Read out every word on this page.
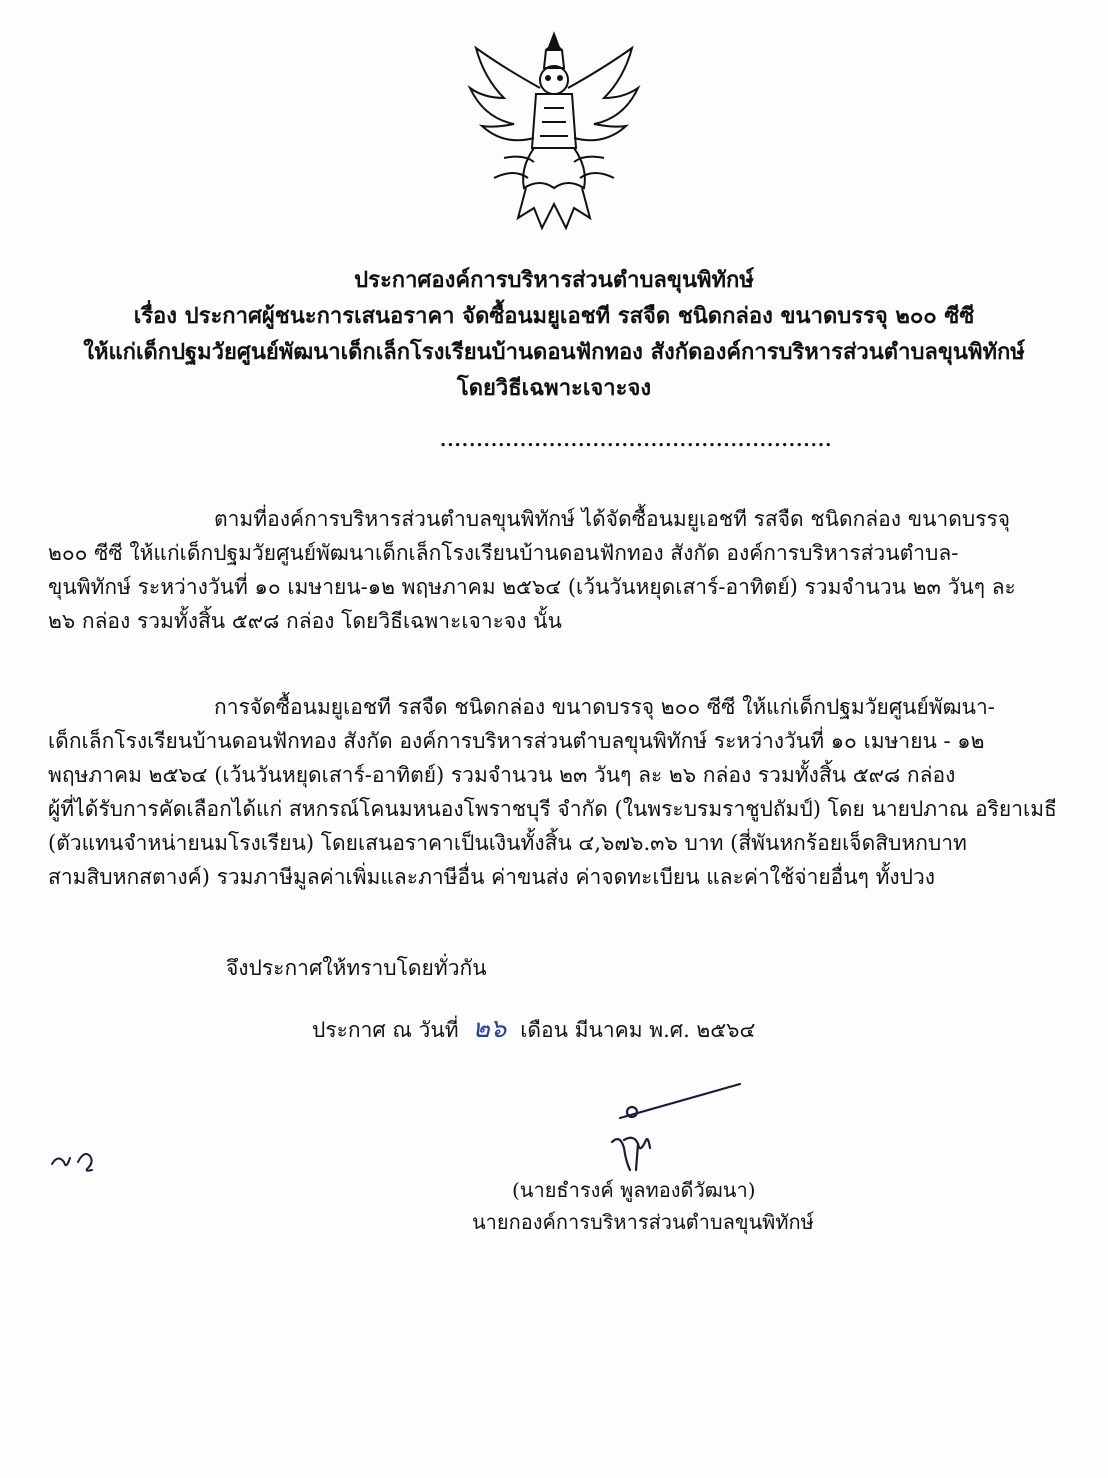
ประกาศองค์การบริหารส่วนตำบลขุนพิทักษ์
เรื่อง ประกาศผู้ชนะการเสนอราคา จัดซื้อนมยูเอชที รสจืด ชนิดกล่อง ขนาดบรรจุ ๒๐๐ ซีซี
ให้แก่เด็กปฐมวัยศูนย์พัฒนาเด็กเล็กโรงเรียนบ้านดอนฟักทอง สังกัดองค์การบริหารส่วนตำบลขุนพิทักษ์
โดยวิธีเฉพาะเจาะจง
......................................................
ตามที่องค์การบริหารส่วนตำบลขุนพิทักษ์ ได้จัดซื้อนมยูเอชที รสจืด ชนิดกล่อง ขนาดบรรจุ
๒๐๐ ซีซี ให้แก่เด็กปฐมวัยศูนย์พัฒนาเด็กเล็กโรงเรียนบ้านดอนฟักทอง สังกัด องค์การบริหารส่วนตำบล-
ขุนพิทักษ์ ระหว่างวันที่ ๑๐ เมษายน-๑๒ พฤษภาคม ๒๕๖๔ (เว้นวันหยุดเสาร์-อาทิตย์) รวมจำนวน ๒๓ วันๆ ละ
๒๖ กล่อง รวมทั้งสิ้น ๕๙๘ กล่อง โดยวิธีเฉพาะเจาะจง นั้น
การจัดซื้อนมยูเอชที รสจืด ชนิดกล่อง ขนาดบรรจุ ๒๐๐ ซีซี ให้แก่เด็กปฐมวัยศูนย์พัฒนา-
เด็กเล็กโรงเรียนบ้านดอนฟักทอง สังกัด องค์การบริหารส่วนตำบลขุนพิทักษ์ ระหว่างวันที่ ๑๐ เมษายน - ๑๒
พฤษภาคม ๒๕๖๔ (เว้นวันหยุดเสาร์-อาทิตย์) รวมจำนวน ๒๓ วันๆ ละ ๒๖ กล่อง รวมทั้งสิ้น ๕๙๘ กล่อง
ผู้ที่ได้รับการคัดเลือกได้แก่ สหกรณ์โคนมหนองโพราชบุรี จำกัด (ในพระบรมราชูปถัมป์) โดย นายปภาณ อริยาเมธี
(ตัวแทนจำหน่ายนมโรงเรียน) โดยเสนอราคาเป็นเงินทั้งสิ้น ๔,๖๗๖.๓๖ บาท (สี่พันหกร้อยเจ็ดสิบหกบาท
สามสิบหกสตางค์) รวมภาษีมูลค่าเพิ่มและภาษีอื่น ค่าขนส่ง ค่าจดทะเบียน และค่าใช้จ่ายอื่นๆ ทั้งปวง
จึงประกาศให้ทราบโดยทั่วกัน
ประกาศ ณ วันที่ ๒๖ เดือน มีนาคม พ.ศ. ๒๕๖๔
(นายธำรงค์ พูลทองดีวัฒนา)
นายกองค์การบริหารส่วนตำบลขุนพิทักษ์
